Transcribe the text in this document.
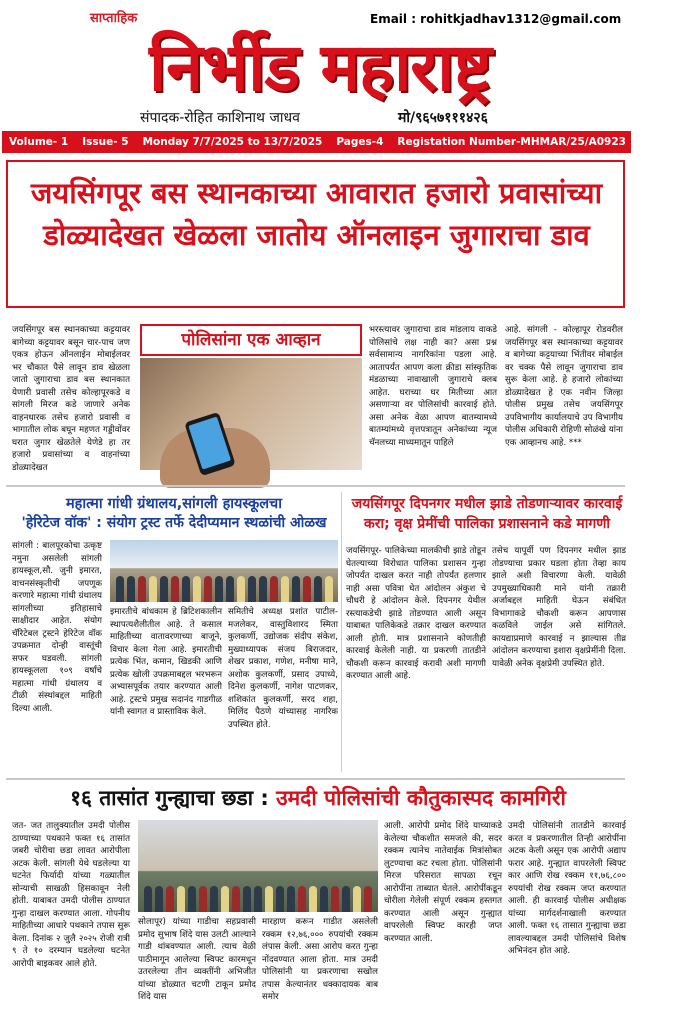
साप्ताहिक	Email : rohitkjadhav1312@gmail.com
निर्भीड महाराष्ट्र
संपादक-रोहित काशिनाथ जाधव	मो/९६५७१११४२६
Volume- 1	Issue- 5	Monday 7/7/2025 to 13/7/2025	Pages-4	Registation Number-MHMAR/25/A0923	Price2/-
जयसिंगपूर बस स्थानकाच्या आवारात हजारो प्रवासांच्या डोळ्यादेखत खेळला जातोय ऑनलाइन जुगाराचा डाव
जयसिंगपूर बस स्थानकाच्या कट्टयावर बागेच्या कट्टयावर बसून चार-पाच जण एकत्र होऊन ऑनलाईन मोबाईलवर भर चौकात पैसे लावून डाव खेळला जातो जुगाराचा डाव बस स्थानकात येणारी प्रवासी तसेच कोल्हापूरकडे व सांगली मिरज कडे जाणारे अनेक वाहनधारक तसेच हजारो प्रवासी व भागातील लोक बघून महणत गड्डीवोंवर घरात जुगार खेळतेले येणेडे हा तर हजारो प्रवासांच्या व वाहनांच्या डोळ्यादेखत
पोलिसांना एक आव्हान	भरस्त्यावर जुगाराचा डाव मांडलाय वाकडे पोलिसांचे लक्ष नाही का? असा प्रश्न सर्वसामान्य नागरिकांना पडला आहे. आतापर्यंत आपण कला क्रीडा सांस्कृतिक मंडळाच्या नावाखाली जुगाराचे क्लब आहेत. घराच्या घर मितीच्या आत असणाऱ्या वर पोलिसांची कारवाई होते. असा अनेक वेळा आपण बातम्यामध्ये बातम्यांमध्ये वृत्तपत्रातून अनेकांच्या न्यूज चॅनलच्या माध्यमातून पाहिले
आहे. सांगली - कोल्हापूर रोडवरील जयसिंगपूर बस स्थानकाच्या कट्टयावर व बागेच्या कट्टयाच्या भिंतीवर मोबाईल वर चक्क पैसे लावून जुगाराचा डाव सुरू केला आहे. हे हजारो लोकांच्या डोळ्यादेखत हे एक नवीन जिल्हा पोलीस प्रमुख तसेच जयसिंगपूर उपविभागीय कार्यालयाचे उप विभागीय पोलीस अधिकारी रोहिणी सोळंखे यांना एक आव्हानच आहे. ***
महात्मा गांधी ग्रंथालय,सांगली हायस्कूलचा
'हेरिटेज वॉक' : संयोग ट्रस्ट तर्फे देदीप्यमान स्थळांची ओळख
सांगली : बालपूरकोचा उत्कृष्ट नमुना असलेली सांगली हायस्कूल,सौ. जुनी इमारत, वाचनसंस्कृतीची जपणूक करणारे महात्मा गांधी ग्रंथालय सांगलीच्या इतिहासाचे साक्षीदार आहेत. संयोग चॅरिटेबल ट्रस्टने हेरिटेज वॉक उपक्रमात दोन्ही वास्तूंची सफर घडवली. सांगली हायस्कूलला १०९ वर्षांचे महात्मा गांधी ग्रंथालय व टीळी संस्थांबद्दल माहिती दिल्या आली.
इमारतीचे बांधकाम हे ब्रिटिशकालीन स्थापत्यशैलीतील आहे. ते कसाल माहितीच्या वातावरणाच्या बाजूने, विचार केला गेला आहे. इमारतीची प्रत्येक भिंत, कमान, खिडकी आणि प्रत्येक खोली उपक्रमाबद्दल भरभरून अभ्यासपूर्वक तयार करण्यात आली आहे. ट्रस्टचे प्रमुख सदानंद गाडगीळ यांनी स्वागत व प्रास्ताविक केले.
समितीचे अध्यक्ष प्रशांत पाटील-मजलेकर, वास्तुविशारद स्मिता कुलकर्णी, उद्योजक संदीप संकेश, मुख्याध्यापक संजय बिराजदार, शेखर प्रकाश, गणेश, मनीषा माने, अशोक कुलकर्णी, प्रसाद उपाध्ये, दिनेश कुलकर्णी, नागेश पाटणकर, शशिकांत कुलकर्णी, सरद शहा, मिलिंद पैठणे यांच्यासह नागरिक उपस्थित होते.
जयसिंगपूर दिपनगर मधील झाडे तोडणाऱ्यावर कारवाई करा; वृक्ष प्रेमींची पालिका प्रशासनाने कडे मागणी
जयसिंगपूर- पालिकेच्या मालकीची झाडे तोडून घेतल्याच्या विरोधात पालिका प्रशासन गुन्हा जोपर्यंत दाखल करत नाही तोपर्यंत हलणार नाही असा पवित्रा घेत आंदोलन अंकुश चे चौधरी हे आंदोलन केले. दिपनगर येथील रस्त्याकडेची झाडे तोडण्यात आली असून याबाबत पालिकेकडे तक्रार दाखल करण्यात आली होती. मात्र प्रशासनाने कोणतीही कारवाई केलेली नाही. या प्रकरणी तातडीने चौकशी करून कारवाई करावी अशी मागणी करण्यात आली आहे.
तसेच यापूर्वी पण दिपनगर मधील झाड तोडण्याचा प्रकार घडला होता तेव्हा काय झाले अशी विचारणा केली. यावेळी उपमुख्याधिकारी माने यांनी तक्रारी अर्जाबद्दल माहिती घेऊन संबंधित विभागाकडे चौकशी करून आपणास कळविले जाईल असे सांगितले. कायद्याप्रमाणे कारवाई न झाल्यास तीव्र आंदोलन करण्याचा इशारा वृक्षप्रेमींनी दिला. यावेळी अनेक वृक्षप्रेमी उपस्थित होते.
१६ तासांत गुन्ह्याचा छडा : उमदी पोलिसांची कौतुकास्पद कामगिरी
जत- जत तालुक्यातील उमदी पोलीस ठाण्याच्या पथकाने फक्त १६ तासांत जबरी चोरीचा छडा लावत आरोपीला अटक केली. सांगली येथे घडलेल्या या घटनेत फिर्यादी यांच्या गळ्यातील सोन्याची साखळी हिसकावून नेली होती. याबाबत उमदी पोलीस ठाण्यात गुन्हा दाखल करण्यात आला. गोपनीय माहितीच्या आधारे पथकाने तपास सुरू केला. दिनांक २ जुलै २०२५ रोजी रात्री ९ ते १० दरम्यान घडलेल्या घटनेत आरोपी बाइकवर आले होते.
सोलापूर) यांच्या गाडीचा सहप्रवासी प्रमोद सुभाष शिंदे यास उलटी आल्याने गाडी थांबवण्यात आली. त्याच वेळी पाठीमागून आलेल्या स्विफ्ट कारमधून उतरलेल्या तीन व्यक्तींनी अभिजीत यांच्या डोळ्यात चटणी टाकून प्रमोद शिंदे यास
मारहाण करून गाडीत असलेली रक्कम १२,७६,००० रुपयांची रक्कम लंपास केली. असा आरोप करत गुन्हा नोंदवण्यात आला होता. मात्र उमदी पोलिसांनी या प्रकरणाचा सखोल तपास केल्यानंतर धक्कादायक बाब समोर
आली. आरोपी प्रमोद शिंदे याच्याकडे केलेल्या चौकशीत समजले की, सदर रक्कम त्यानेच नातेवाईक मित्रांसोबत लुटण्याचा कट रचला होता. पोलिसांनी मिरज परिसरात सापळा रचून आरोपींना ताब्यात घेतले. आरोपींकडून चोरीला गेलेली संपूर्ण रक्कम हस्तगत करण्यात आली असून गुन्ह्यात वापरलेली स्विफ्ट कारही जप्त करण्यात आली.
उमदी पोलिसांनी तातडीने कारवाई करत व प्रकरणातील तिन्ही आरोपींना अटक केली असून एक आरोपी अद्याप फरार आहे. गुन्ह्यात वापरलेली स्विफ्ट कार आणि रोख रक्कम ११,७६,८०० रुपयांची रोख रक्कम जप्त करण्यात आली. ही कारवाई पोलीस अधीक्षक यांच्या मार्गदर्शनाखाली करण्यात आली. फक्त १६ तासात गुन्ह्याचा छडा लावल्याबद्दल उमदी पोलिसांचे विशेष अभिनंदन होत आहे.
